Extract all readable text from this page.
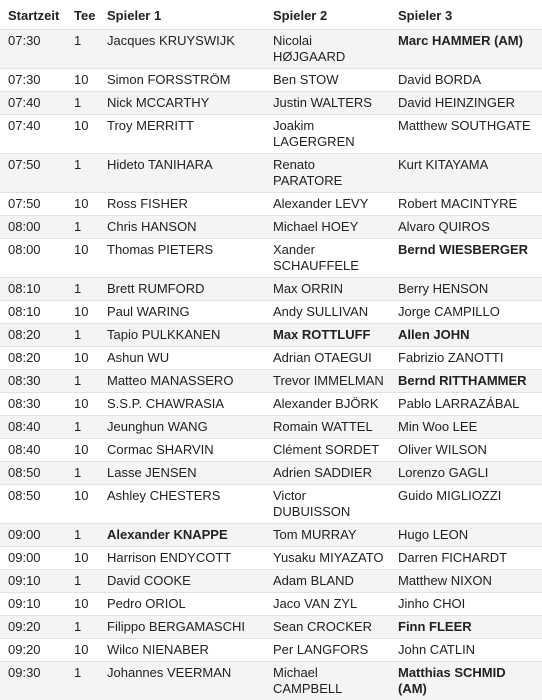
Startzeit	Tee	Spieler 1	Spieler 2	Spieler 3
07:30	1	Jacques KRUYSWIJK	Nicolai HØJGAARD	Marc HAMMER (AM)
07:30	10	Simon FORSSTRÖM	Ben STOW	David BORDA
07:40	1	Nick MCCARTHY	Justin WALTERS	David HEINZINGER
07:40	10	Troy MERRITT	Joakim LAGERGREN	Matthew SOUTHGATE
07:50	1	Hideto TANIHARA	Renato PARATORE	Kurt KITAYAMA
07:50	10	Ross FISHER	Alexander LEVY	Robert MACINTYRE
08:00	1	Chris HANSON	Michael HOEY	Alvaro QUIROS
08:00	10	Thomas PIETERS	Xander SCHAUFFELE	Bernd WIESBERGER
08:10	1	Brett RUMFORD	Max ORRIN	Berry HENSON
08:10	10	Paul WARING	Andy SULLIVAN	Jorge CAMPILLO
08:20	1	Tapio PULKKANEN	Max ROTTLUFF	Allen JOHN
08:20	10	Ashun WU	Adrian OTAEGUI	Fabrizio ZANOTTI
08:30	1	Matteo MANASSERO	Trevor IMMELMAN	Bernd RITTHAMMER
08:30	10	S.S.P. CHAWRASIA	Alexander BJÖRK	Pablo LARRAZÁBAL
08:40	1	Jeunghun WANG	Romain WATTEL	Min Woo LEE
08:40	10	Cormac SHARVIN	Clément SORDET	Oliver WILSON
08:50	1	Lasse JENSEN	Adrien SADDIER	Lorenzo GAGLI
08:50	10	Ashley CHESTERS	Victor DUBUISSON	Guido MIGLIOZZI
09:00	1	Alexander KNAPPE	Tom MURRAY	Hugo LEON
09:00	10	Harrison ENDYCOTT	Yusaku MIYAZATO	Darren FICHARDT
09:10	1	David COOKE	Adam BLAND	Matthew NIXON
09:10	10	Pedro ORIOL	Jaco VAN ZYL	Jinho CHOI
09:20	1	Filippo BERGAMASCHI	Sean CROCKER	Finn FLEER
09:20	10	Wilco NIENABER	Per LANGFORS	John CATLIN
09:30	1	Johannes VEERMAN	Michael CAMPBELL	Matthias SCHMID (AM)
